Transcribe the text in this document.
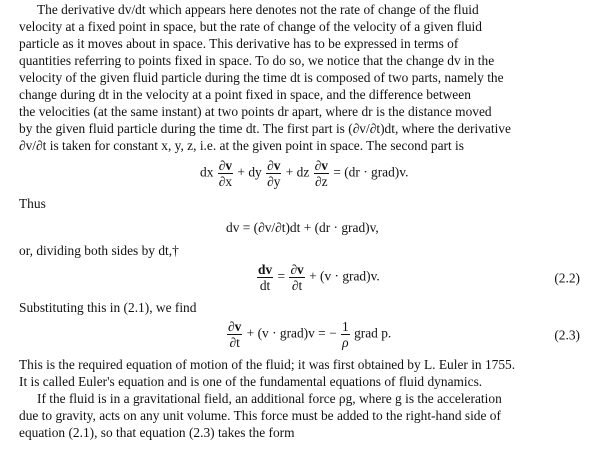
The derivative dv/dt which appears here denotes not the rate of change of the fluid

velocity at a fixed point in space, but the rate of change of the velocity of a given fluid

particle as it moves about in space. This derivative has to be expressed in terms of

quantities referring to points fixed in space. To do so, we notice that the change dv in the

velocity of the given fluid particle during the time dt is composed of two parts, namely the

change during dt in the velocity at a point fixed in space, and the difference between

the velocities (at the same instant) at two points dr apart, where dr is the distance moved

by the given fluid particle during the time dt. The first part is (∂v/∂t)dt, where the derivative

∂v/∂t is taken for constant x, y, z, i.e. at the given point in space. The second part is

dx $\frac{\partial v}{\partial x}$ + dy $\frac{\partial v}{\partial y}$ + dz $\frac{\partial v}{\partial z} = (dr$ · grad)v.

Thus

dv = (∂v/∂t)dt + (dr · grad)v,

or, dividing both sides by dt,†

$\frac{dv}{dt} = \frac{\partial v}{\partial t} + (v$ · grad)v.	(2.2)

Substituting this in (2.1), we find

$\frac{\partial v}{\partial t} + (v$ · grad)v = − $\frac{1}{\rho}$ grad p.	(2.3)

This is the required equation of motion of the fluid; it was first obtained by L. Euler in 1755.

It is called Euler's equation and is one of the fundamental equations of fluid dynamics.

If the fluid is in a gravitational field, an additional force ρg, where g is the acceleration

due to gravity, acts on any unit volume. This force must be added to the right-hand side of

equation (2.1), so that equation (2.3) takes the form
